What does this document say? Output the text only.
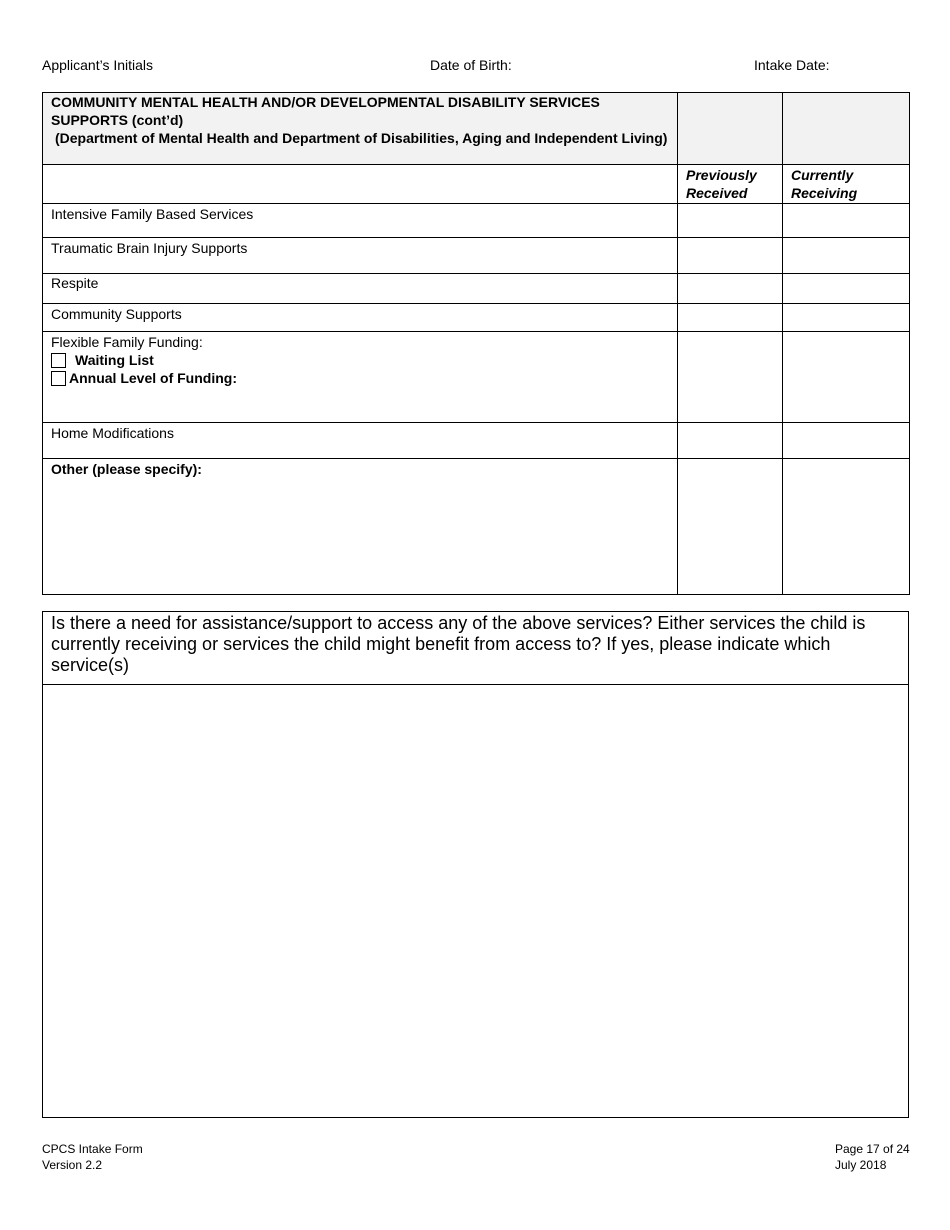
Applicant’s Initials	Date of Birth:	Intake Date:
COMMUNITY MENTAL HEALTH AND/OR DEVELOPMENTAL DISABILITY SERVICES SUPPORTS (cont’d)
(Department of Mental Health and Department of Disabilities, Aging and Independent Living)		

	Previously Received	Currently Receiving
Intensive Family Based Services		
Traumatic Brain Injury Supports		

Respite		

Community Supports		

Flexible Family Funding:
Waiting List
Annual Level of Funding:		

Home Modifications		
Other (please specify):		
Is there a need for assistance/support to access any of the above services? Either services the child is currently receiving or services the child might benefit from access to? If yes, please indicate which service(s)

CPCS Intake Form
Version 2.2
Page 17 of 24
July 2018
